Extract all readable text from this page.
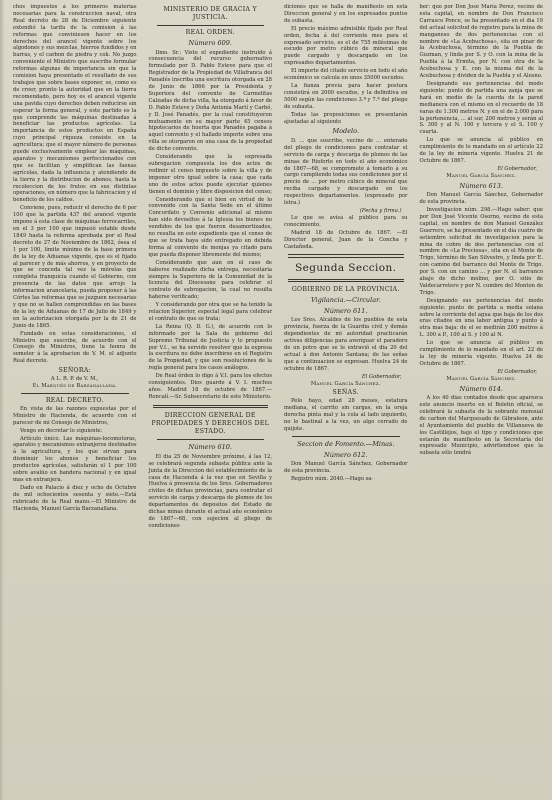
chos impuestos á los primeros materias necesarias para la construccion naval, otra Real decreto de 28 de Diciembre siguiente extendió la tarifa de la comision á las reformas que conviniesen hacer en los derechos del arancel vigente sobre los algodones y sus mezclas, hierros fundidos y en barras, y el carbon de piedra y cok. No juzgo conveniente el Ministro que suscribe formular reformas algunas de importancia sin que la comision haya presentado el resultado de sus trabajos que sobre bases exponer, se, como es de creer, pronto la autoridad que en la tierra recomendado, pero hoy es el arancel vigente una pavida cuyo derechos deben reducirse sin esperar la forma general, y este partido es la que comprende las máquinas destinadas á beneficiar las productos agrícolas. La importancia de estos productos en España cuyo principal riqueza consiste en la agricultura; que el mayor número de personas puede exclusivamente emplear las máquinas, aparatos y mecanismos perfeccionados con que se facilitan y simplifican las faenas agrícolas, dada la influencia y atendiendo de la tierra y la distribucion de abonos, hasta la recoleccion de los frutos en sus distintas operaciones, en número que la fabricacion y el beneficio de los caldos.

Conviene, pues, reducir el derecho de 6 por 100 que la partida 437 del arancel vigente impone á esta clase de máquinas ferrocarriles, en el 3 por 100 que impusió estable desde 1849 hasta la reforma aprobada por el Real decreto de 27 de Noviembre de 1862, ósea el 1 por 100, límite mínimo de la base primera de la ley de Aduanas vigente, que es el fijado al parecer y de más ahorros, y en proyecto de que se conceda tal vez la mérelas que completa franquicia cuando el Gobierno, con presencia de las datos que arroje la informacion arancelaria, pueda proponer á las Córtes las reformas que se juzguen necesarias y que no se hallen comprendidas en las bases de la ley de Aduanas de 17 de Julio de 1849 y en la autorizacion otorgada por la de 21 de Junio de 1865.

Fundado en estas consideraciones, el Ministro que suscribe, de acuerdo con el Consejo de Ministros, tiene la honra de someter á la aprobacion de V. M. el adjunto Real decreto.

SEÑORA:
A L. R. P. de V. M.,
El Marqués de Barzanallana.
REAL DECRETO.

En vista de las razones expuestas por el Ministro de Hacienda, de acuerdo con el parecer de mi Consejo de Ministros,

Vengo en decretar lo siguiente:

Artículo único. Las máquinas-locomotoras, aparatos y mecanismos extranjeros destinados á la agricultura, y los que sirvan para disminuir los abonos y beneficiar los productos agrícolas, satisfarán el 1 por 100 sobre avalúo en bandera nacional y en igual mas en extranjera.

Dado en Palacio á diez y ocho de Octubre de mil ochocientos sesenta y siete.—Está rubricado de la Real mano.—El Ministro de Hacienda, Manuel García Barzanallana.

MINISTERIO DE GRACIA Y JUSTICIA.
REAL ORDEN.
Número 609.

Ilmo. Sr.: Visto el expediente instruido á consecuencia del recurso gubernativo formulado por D. Pablo Esteve para que el Registrador de la Propiedad de Villafranca del Panadés inscriba una escritura otorgada en 28 de Junio de 1866 por la Presidenta y Superiora del convento de Carmelitas Calzadas de dicha villa, ha otorgado á favor de D. Pablo Esteve y Doña Antonia Martí y Carbó, y D. José Panadés, por la cual constituyeron mutuamente en su mayor parte 45 censos hipotecarios de huerta que Panadés pagaba á aquel convento y el hallado importe sobre una villa se otorgaron en una casa de la propiedad de dicho convento.

Considerando que la expresada subrogacion compuesta los dos actos de redimir el censo impuesto sobre la villa y de imponer otro igual sobre la casa; que cada uno de estos actos puede ejecutar quienes tienen el dominio y libre disposicion del censo;

Considerando que si bien en virtud de lo convenido con la Santa Sede en el último Concordato y Convenio adicional al mismo han sido devueltos á la Iglesia los bienes no vendidos de los que fueron desamortizados, no resulta en este expediente que el censo de que se trata haya sido entregado en debida forma al convento de monjas ya citado para que pueda disponer libremente del mismo;

Considerando que aun en el caso de haberse realizado dicha entrega, necesitaria siempre la Superiora de la Comunidad de la licencia del Diocesano para celebrar el contrato de subrogacion, la cual no resulta haberse verificado;

Y considerando por otra que se ha tenido la relacion Superior, especial legal para celebrar el contrato de que se trata;

La Reina (Q. D. G.), de acuerdo con lo informado por la Sala de gobierno del Supremo Tribunal de Justicia y lo propuesto por V.I., se ha servido resolver que la expresa la escritura no debe inscribirse en el Registro de la Propiedad, y que son resoluciones de la regla general para los casos análogos.

De Real órden lo digo á V.I. para los efectos consiguientes. Dios guarde á V. I. muchos años. Madrid 18 de octubre de 1867.—Roncalí.—Sr. Subsecretario de este Ministerio.

DIRECCION GENERAL DE PROPIEDADES Y DERECHOS DEL ESTADO.
Número 610.

El dia 25 de Noviembre próximo, á las 12, se celebrará segunda subasta pública ante la Junta de la Direccion del establecimiento de la casa de Hacienda á la vez que en Sevilla y Huelva á presencia de los Sres. Gobernadores civiles de dichas provincias, para contratar el servicio de carga y descarga de plomos de los departamentos de depositos del Estado de dichas minas durante el actual año económico de 1867—68, con sujecion al pliego de condiciones

diciones que se halla de manifiesto en esta Direccion general y en los expresados puntos de subasta.

El precio máximo admisible fijado por Real orden, fecha á del corriente mes para el expresado servicio, es el de 755 milésimas de escudo por metro cúbico de mineral que puede cargado y descargado en los expresados departamentos.

El importe del citado servicio en todo el año económico se calcula en unos 35000 escudos.

La fianza previa para hacer postura consistirá en 2000 escudos, y la definitiva en 5000 según las condiciones 3.ª y 7.ª del pliego de subasta.

Todas las proposiciones se presentarán ajustadas al siguiente

Modelo.

D. ... que suscribe, vecino de ... enterado del pliego de condiciones para contratar el servicio de carga y descarga de plomos de las minas de Rioforte en todo el año económico de 1867—68, se compromete á tomarlo á su cargo cumpliendo todas sus condiciones por el precio de ... por metro cúbico de mineral que reciba cargado y descargado en los respectivos departamentos. (expresado por letra.)

(Fecha y firma.)

Lo que se avisa al público para su conocimiento.

Madrid 18 de Octubre de 1867. —El Director general, Juan de la Concha y Castañeda.

Segunda Seccion.
GOBIERNO DE LA PROVINCIA.
Vigilancia.—Circular.
Número 611.

Los Sres. Alcaldes de los pueblos de esta provincia, fuerza de la Guardia civil y demás dependientes de mi autoridad practicarán activas diligencias para averiguar el paradero de un potro que se le extravió el dia 20 del actual á don Antonio Santana; de las señas que a continuacion se expresan. Huelva 24 de octubre de 1867.

El Gobernador,
Manuel García Sánchez.
SEÑAS.

Pelo bayo, edad 28 meses, estatura mediana, el carrito sin cargas, en la oreja derecha pinta mal y la cola al lado izquierdo, no le bastinal a la vez, un algo cerrado de quijote.

Seccion de Fomento.—Minas.
Número 612.

Don Manuel García Sánchez, Gobernador de esta provincia.

Registro núm. 2040.—Hago sa-

ber: que por Don José María Perez, vecino de esta capital, en nombre de Don Francisco Carrasco Ponce, se ha presentado en el dia 19 del actual solicitud de registro para la mina de manganeso de dos pertenencias con el nombre de «La Acebuchosa», sita en pinar de la Acebuchosa, término de la Puebla de Guzman, y linda por S. y O. con la mina de la Puebla á la Ermita, por N. con otra de la Acebuchosa y E. con la misma del de la Acebuchosa y dividen de la Puebla y el Alosno.

Designando sus pertenencias del modo siguiente: punto de partida una zanja que se hará en medio de la cuerda de la pared medianera con el mismo en el recuerdo de 18 varas de 1.300 metros N. y en el de 2.000 para la pertenencia, ... al sur, 200 metros y serán al S. 300 y al N. 100 y tercera y el S. 100 y cuarta.

Lo que se anuncia al público en cumplimiento de lo mandado en el artículo 22 de la ley de minería vigente. Huelva 21 de Octubre de 1867.

El Gobernador,
Manuel García Sánchez.
Número 613.

Don Manuel García Sánchez, Gobernador de esta provincia.

Investigacion núm. 298.—Hago saber: que por Don José Vicente Osorno, vecino de esta capital, en nombre de don Manuel González Guerrero, se ha presentado en el dia cuatro de setiembre solicitud de investigacion para la mina de cobre de dos pertenencias con el nombre de «La Preciosa», sita en el Monte de Trigo, término de San Silvestre, y linda por E. con camino del barranco del Monte de Trigo, por S. con un camino ... y por N. el barranco abajo de dicho molino, por O. sitio de Valdecarretero y por N. cumbre del Monton de Trigo.

Designando sus pertenencias del modo siguiente: punto de partida a media solana sobre la corriente del agua que baja de los dos eras citados en una labor antigua y punto á otra mas baja: de el se medirán 200 metros á L. 300 a P., 100 al S. y 100 al N.

Lo que se anuncia al público en cumplimiento de lo mandado en el art. 22 de la ley de minería vigente. Huelva 24 de Octubre de 1867.

El Gobernador,
Manuel García Sánchez.
Número 614.

A los 40 dias contados desde que aparezca este anuncio inserto en el Boletin oficial, se celebrará la subasta de la sobrante mensual de carbon del Marquesado de Gibraleon, ante el Ayuntamiento del pueblo de Villanueva de los Castillejos, bajo el tipo y condiciones que estarán de manifiesto en la Secretaría del expresado Municipio, advirtiendose que la subasta sólo tendrá
